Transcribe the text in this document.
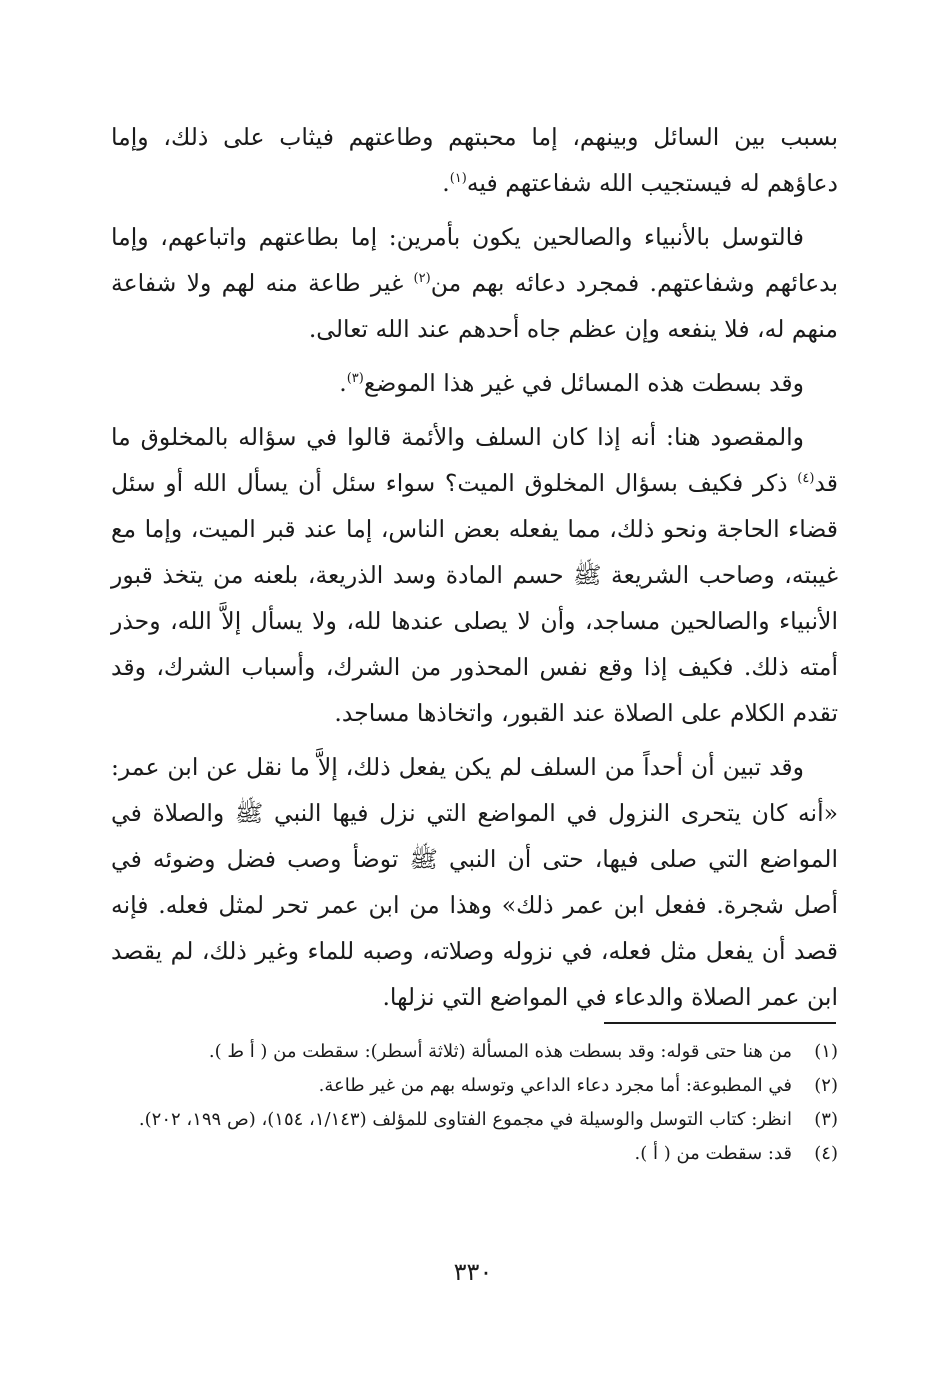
بسبب بين السائل وبينهم، إما محبتهم وطاعتهم فيثاب على ذلك، وإما دعاؤهم له فيستجيب الله شفاعتهم فيه$^{(١)}$.

فالتوسل بالأنبياء والصالحين يكون بأمرين: إما بطاعتهم واتباعهم، وإما بدعائهم وشفاعتهم. فمجرد دعائه بهم من$^{(٢)}$ غير طاعة منه لهم ولا شفاعة منهم له، فلا ينفعه وإن عظم جاه أحدهم عند الله تعالى.

وقد بسطت هذه المسائل في غير هذا الموضع$^{(٣)}$.

والمقصود هنا: أنه إذا كان السلف والأئمة قالوا في سؤاله بالمخلوق ما قد$^{(٤)}$ ذكر فكيف بسؤال المخلوق الميت؟ سواء سئل أن يسأل الله أو سئل قضاء الحاجة ونحو ذلك، مما يفعله بعض الناس، إما عند قبر الميت، وإما مع غيبته، وصاحب الشريعة ﷺ حسم المادة وسد الذريعة، بلعنه من يتخذ قبور الأنبياء والصالحين مساجد، وأن لا يصلى عندها لله، ولا يسأل إلاَّ الله، وحذر أمته ذلك. فكيف إذا وقع نفس المحذور من الشرك، وأسباب الشرك، وقد تقدم الكلام على الصلاة عند القبور، واتخاذها مساجد.

وقد تبين أن أحداً من السلف لم يكن يفعل ذلك، إلاَّ ما نقل عن ابن عمر: «أنه كان يتحرى النزول في المواضع التي نزل فيها النبي ﷺ والصلاة في المواضع التي صلى فيها، حتى أن النبي ﷺ توضأ وصب فضل وضوئه في أصل شجرة. ففعل ابن عمر ذلك» وهذا من ابن عمر تحر لمثل فعله. فإنه قصد أن يفعل مثل فعله، في نزوله وصلاته، وصبه للماء وغير ذلك، لم يقصد ابن عمر الصلاة والدعاء في المواضع التي نزلها.

(١)
من هنا حتى قوله: وقد بسطت هذه المسألة (ثلاثة أسطر): سقطت من ( أ ط ).
(٢)
في المطبوعة: أما مجرد دعاء الداعي وتوسله بهم من غير طاعة.
(٣)
انظر: كتاب التوسل والوسيلة في مجموع الفتاوى للمؤلف (١/١٤٣، ١٥٤)، (ص ١٩٩، ٢٠٢).
(٤)
قد: سقطت من ( أ ).
٣٣٠
